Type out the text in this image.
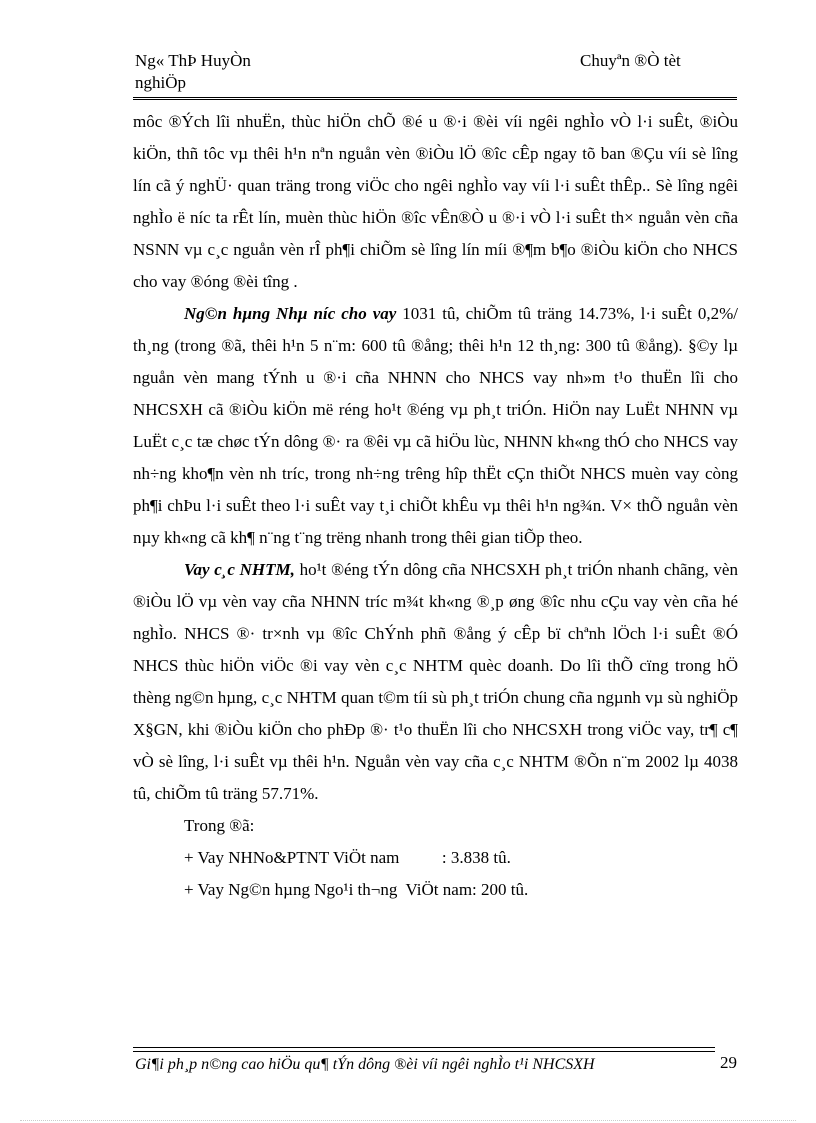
Ng« ThÞ HuyÒn
nghiÖp
Chuyªn ®Ò tèt

môc ®Ých lîi nhuËn, thùc hiÖn chÕ ®é u ®·i ®èi víi ngêi nghÌo vÒ l·i suÊt, ®iÒu kiÖn, thñ tôc vµ thêi h¹n nªn nguån vèn ®iÒu lÖ ®îc cÊp ngay tõ ban ®Çu víi sè lîng lín cã ý nghÜ· quan träng trong viÖc cho ngêi nghÌo vay víi l·i suÊt thÊp.. Sè lîng ngêi nghÌo ë níc ta rÊt lín, muèn thùc hiÖn ®îc vÊn®Ò u ®·i vÒ l·i suÊt th× nguån vèn cña NSNN vµ c¸c nguån vèn rÎ ph¶i chiÕm sè lîng lín míi ®¶m b¶o ®iÒu kiÖn cho NHCS cho vay ®óng ®èi tîng .

Ng©n hµng Nhµ níc cho vay 1031 tû, chiÕm tû träng 14.73%, l·i suÊt 0,2%/ th¸ng (trong ®ã, thêi h¹n 5 n¨m: 600 tû ®ång; thêi h¹n 12 th¸ng: 300 tû ®ång). §©y lµ nguån vèn mang tÝnh u ®·i cña NHNN cho NHCS vay nh»m t¹o thuËn lîi cho NHCSXH cã ®iÒu kiÖn më réng ho¹t ®éng vµ ph¸t triÓn. HiÖn nay LuËt NHNN vµ LuËt c¸c tæ chøc tÝn dông ®· ra ®êi vµ cã hiÖu lùc, NHNN kh«ng thÓ cho NHCS vay nh÷ng kho¶n vèn nh tríc, trong nh÷ng trêng hîp thËt cÇn thiÕt NHCS muèn vay còng ph¶i chÞu l·i suÊt theo l·i suÊt vay t¸i chiÕt khÊu vµ thêi h¹n ng¾n. V× thÕ nguån vèn nµy kh«ng cã kh¶ n¨ng t¨ng trëng nhanh trong thêi gian tiÕp theo.

Vay c¸c NHTM, ho¹t ®éng tÝn dông cña NHCSXH ph¸t triÓn nhanh chãng, vèn ®iÒu lÖ vµ vèn vay cña NHNN tríc m¾t kh«ng ®¸p øng ®îc nhu cÇu vay vèn cña hé nghÌo. NHCS ®· tr×nh vµ ®îc ChÝnh phñ ®ång ý cÊp bï chªnh lÖch l·i suÊt ®Ó NHCS thùc hiÖn viÖc ®i vay vèn c¸c NHTM quèc doanh. Do lîi thÕ cïng trong hÖ thèng ng©n hµng, c¸c NHTM quan t©m tíi sù ph¸t triÓn chung cña ngµnh vµ sù nghiÖp X§GN, khi ®iÒu kiÖn cho phÐp ®· t¹o thuËn lîi cho NHCSXH trong viÖc vay, tr¶ c¶ vÒ sè lîng, l·i suÊt vµ thêi h¹n. Nguån vèn vay cña c¸c NHTM ®Õn n¨m 2002 lµ 4038 tû, chiÕm tû träng 57.71%.

Trong ®ã:

+ Vay NHNo&PTNT ViÖt nam          : 3.838 tû.

+ Vay Ng©n hµng Ngo¹i th¬ng  ViÖt nam: 200 tû.

Gi¶i ph¸p n©ng cao hiÖu qu¶ tÝn dông ®èi víi ngêi nghÌo t¹i NHCSXH	29
